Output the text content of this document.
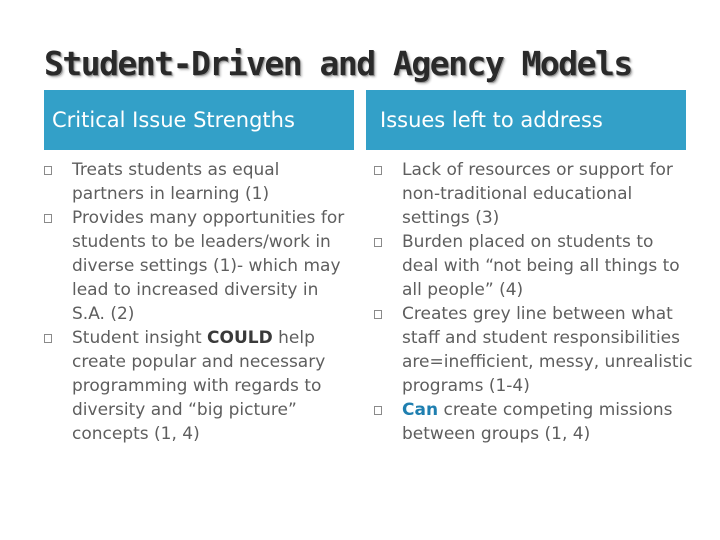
Student-Driven and Agency Models
Critical Issue Strengths	Issues left to address
Treats students as equal partners in learning (1)
Provides many opportunities for students to be leaders/work in diverse settings (1)- which may lead to increased diversity in S.A. (2)
Student insight COULD help create popular and necessary programming with regards to diversity and “big picture” concepts (1, 4)
Lack of resources or support for non-traditional educational settings (3)
Burden placed on students to deal with “not being all things to all people” (4)
Creates grey line between what staff and student responsibilities are=inefficient, messy, unrealistic programs (1-4)
Can create competing missions between groups (1, 4)
